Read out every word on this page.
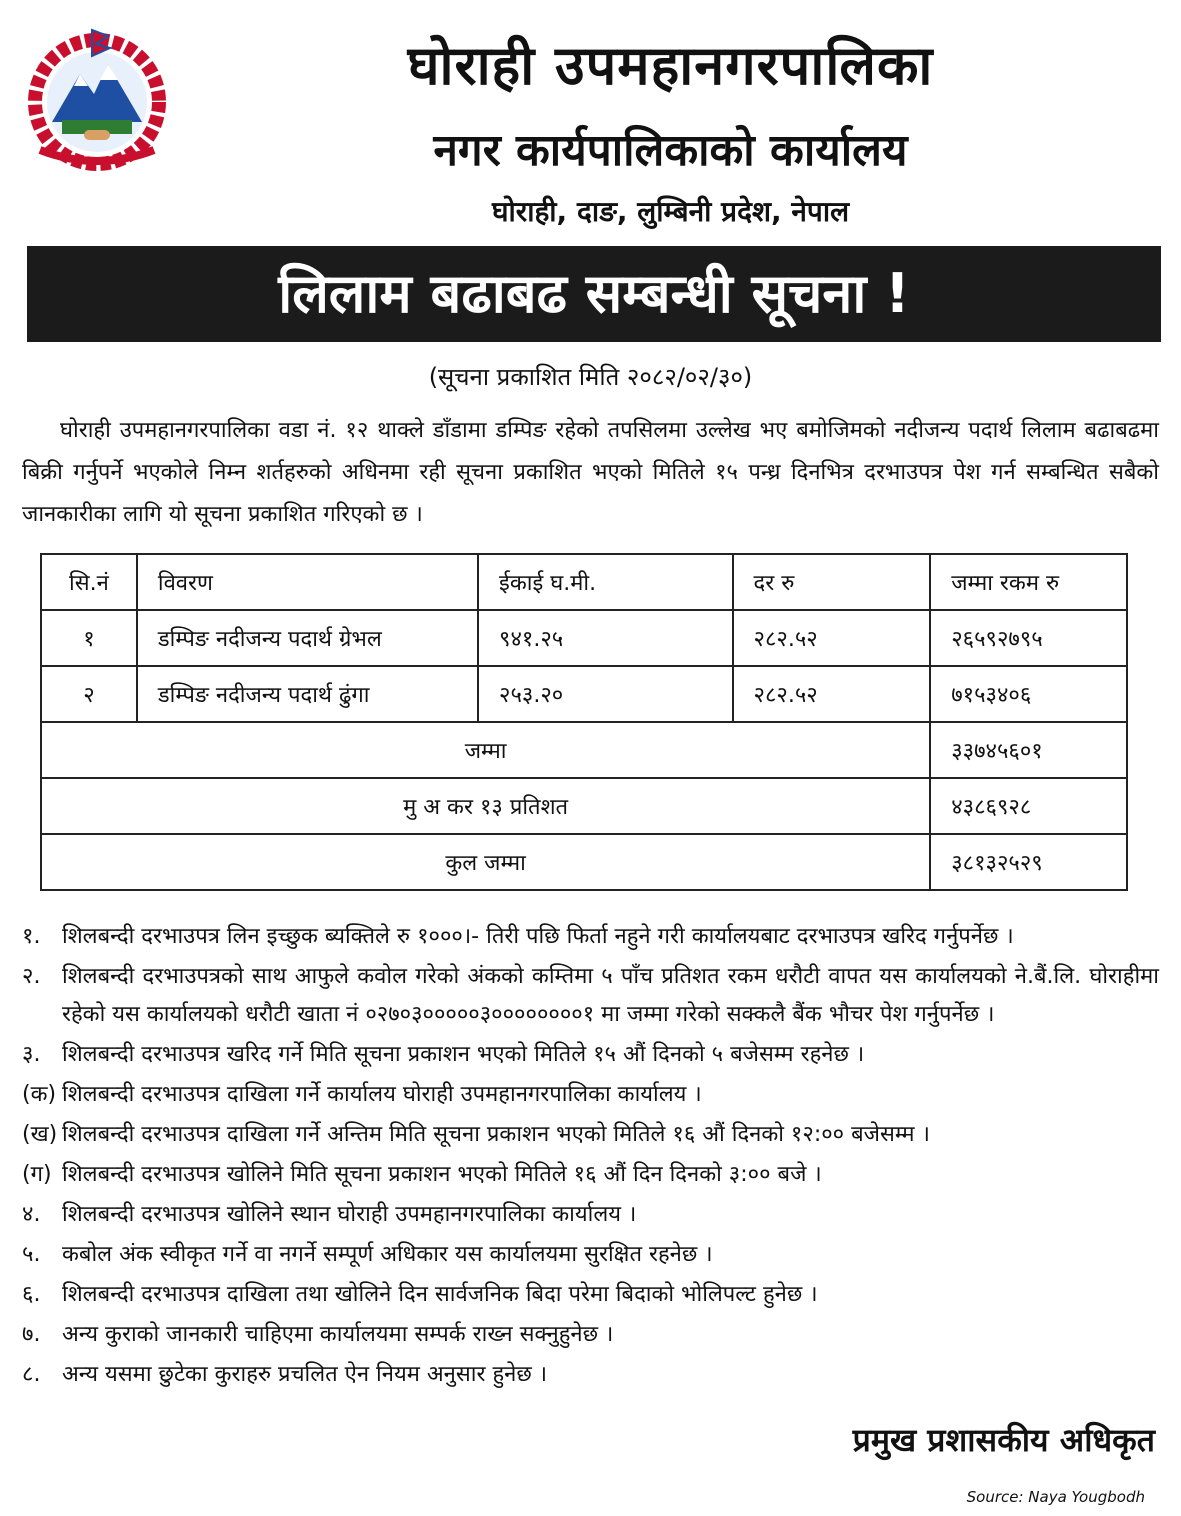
घोराही उपमहानगरपालिका
नगर कार्यपालिकाको कार्यालय
घोराही, दाङ, लुम्बिनी प्रदेश, नेपाल
लिलाम बढाबढ सम्बन्धी सूचना !
(सूचना प्रकाशित मिति २०८२/०२/३०)
घोराही उपमहानगरपालिका वडा नं. १२ थाक्ले डाँडामा डम्पिङ रहेको तपसिलमा उल्लेख भए बमोजिमको नदीजन्य पदार्थ लिलाम बढाबढमा बिक्री गर्नुपर्ने भएकोले निम्न शर्तहरुको अधिनमा रही सूचना प्रकाशित भएको मितिले १५ पन्ध्र दिनभित्र दरभाउपत्र पेश गर्न सम्बन्धित सबैको जानकारीका लागि यो सूचना प्रकाशित गरिएको छ ।
सि.नं	विवरण	ईकाई घ.मी.	दर रु	जम्मा रकम रु
१	डम्पिङ नदीजन्य पदार्थ ग्रेभल	९४१.२५	२८२.५२	२६५९२७९५
२	डम्पिङ नदीजन्य पदार्थ ढुंगा	२५३.२०	२८२.५२	७१५३४०६
जम्मा				३३७४५६०१
मु अ कर १३ प्रतिशत				४३८६९२८
कुल जम्मा				३८१३२५२९
१. शिलबन्दी दरभाउपत्र लिन इच्छुक ब्यक्तिले रु १०००।- तिरी पछि फिर्ता नहुने गरी कार्यालयबाट दरभाउपत्र खरिद गर्नुपर्नेछ ।
२. शिलबन्दी दरभाउपत्रको साथ आफुले कवोल गरेको अंकको कम्तिमा ५ पाँच प्रतिशत रकम धरौटी वापत यस कार्यालयको ने.बैं.लि. घोराहीमा रहेको यस कार्यालयको धरौटी खाता नं ०२७०३०००००३००००००००१ मा जम्मा गरेको सक्कलै बैंक भौचर पेश गर्नुपर्नेछ ।
३. शिलबन्दी दरभाउपत्र खरिद गर्ने मिति सूचना प्रकाशन भएको मितिले १५ औं दिनको ५ बजेसम्म रहनेछ ।
(क) शिलबन्दी दरभाउपत्र दाखिला गर्ने कार्यालय घोराही उपमहानगरपालिका कार्यालय ।
(ख) शिलबन्दी दरभाउपत्र दाखिला गर्ने अन्तिम मिति सूचना प्रकाशन भएको मितिले १६ औं दिनको १२:०० बजेसम्म ।
(ग) शिलबन्दी दरभाउपत्र खोलिने मिति सूचना प्रकाशन भएको मितिले १६ औं दिन दिनको ३:०० बजे ।
४. शिलबन्दी दरभाउपत्र खोलिने स्थान घोराही उपमहानगरपालिका कार्यालय ।
५. कबोल अंक स्वीकृत गर्ने वा नगर्ने सम्पूर्ण अधिकार यस कार्यालयमा सुरक्षित रहनेछ ।
६. शिलबन्दी दरभाउपत्र दाखिला तथा खोलिने दिन सार्वजनिक बिदा परेमा बिदाको भोलिपल्ट हुनेछ ।
७. अन्य कुराको जानकारी चाहिएमा कार्यालयमा सम्पर्क राख्न सक्नुहुनेछ ।
८. अन्य यसमा छुटेका कुराहरु प्रचलित ऐन नियम अनुसार हुनेछ ।
प्रमुख प्रशासकीय अधिकृत
Source: Naya Yougbodh
